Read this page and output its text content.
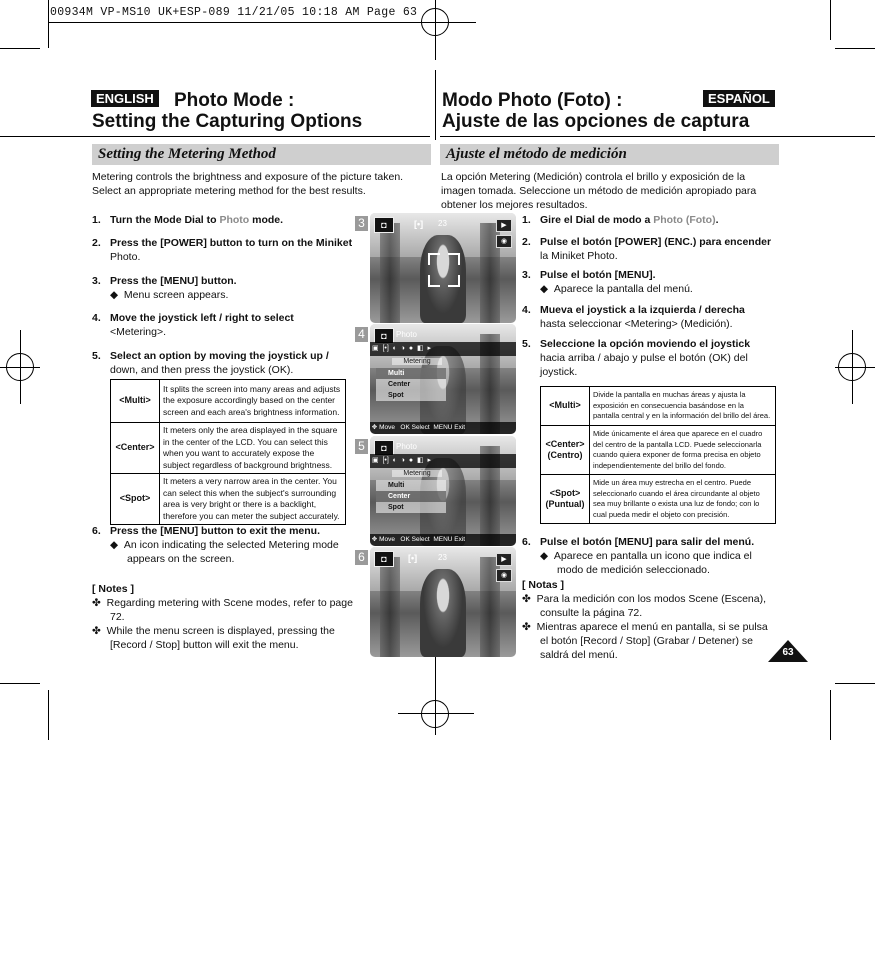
00934M VP-MS10 UK+ESP-089 11/21/05 10:18 AM Page 63
ENGLISH Photo Mode :
Setting the Capturing Options
ESPAÑOL
Modo Photo (Foto) :
Ajuste de las opciones de captura
Setting the Metering Method	Ajuste el método de medición
Metering controls the brightness and exposure of the picture taken.
Select an appropriate metering method for the best results.
1. Turn the Mode Dial to Photo mode.
2. Press the [POWER] button to turn on the Miniket
Photo.
3. Press the [MENU] button.
◆  Menu screen appears.
4. Move the joystick left / right to select
<Metering>.
5. Select an option by moving the joystick up /
down, and then press the joystick (OK).
<Multi>	It splits the screen into many areas and adjusts the exposure accordingly based on the center screen and each area's brightness information.
<Center>	It meters only the area displayed in the square in the center of the LCD. You can select this when you want to accurately expose the subject regardless of background brightness.
<Spot>	It meters a very narrow area in the center. You can select this when the subject's surrounding area is very bright or there is a backlight, therefore you can meter the subject accurately.
6. Press the [MENU] button to exit the menu.
◆  An icon indicating the selected Metering mode
appears on the screen.
[ Notes ]
✤  Regarding metering with Scene modes, refer to page
72.
✤  While the menu screen is displayed, pressing the
[Record / Stop] button will exit the menu.
3	◘	[•] 23	▶
◉
4	◘	Photo
▣  [•]  ◐  ◑  ●  ◧  ▸
Metering
Multi
Center
Spot
✥ Move OK Select MENU Exit
5	◘	Photo
▣  [•]  ◐  ◑  ●  ◧  ▸
Metering
Multi
Center
Spot
✥ Move OK Select MENU Exit
6	◘	[•]	23	▶
◉
La opción Metering (Medición) controla el brillo y exposición de la
imagen tomada. Seleccione un método de medición apropiado para
obtener los mejores resultados.
1. Gire el Dial de modo a Photo (Foto).
2. Pulse el botón [POWER] (ENC.) para encender
la Miniket Photo.
3. Pulse el botón [MENU].
◆  Aparece la pantalla del menú.
4. Mueva el joystick a la izquierda / derecha
hasta seleccionar <Metering> (Medición).
5. Seleccione la opción moviendo el joystick
hacia arriba / abajo y pulse el botón (OK) del
joystick.
<Multi>	Divide la pantalla en muchas áreas y ajusta la exposición en consecuencia basándose en la pantalla central y en la información del brillo del área.
<Center>
(Centro)	Mide únicamente el área que aparece en el cuadro del centro de la pantalla LCD. Puede seleccionarla cuando quiera exponer de forma precisa en objeto independientemente del brillo del fondo.
<Spot>
(Puntual)	Mide un área muy estrecha en el centro. Puede seleccionarlo cuando el área circundante al objeto sea muy brillante o exista una luz de fondo; con lo cual pueda medir el objeto con precisión.
6. Pulse el botón [MENU] para salir del menú.
◆  Aparece en pantalla un icono que indica el
modo de medición seleccionado.
[ Notas ]
✤  Para la medición con los modos Scene (Escena),
consulte la página 72.
✤  Mientras aparece el menú en pantalla, si se pulsa
el botón [Record / Stop] (Grabar / Detener) se
saldrá del menú.	63
